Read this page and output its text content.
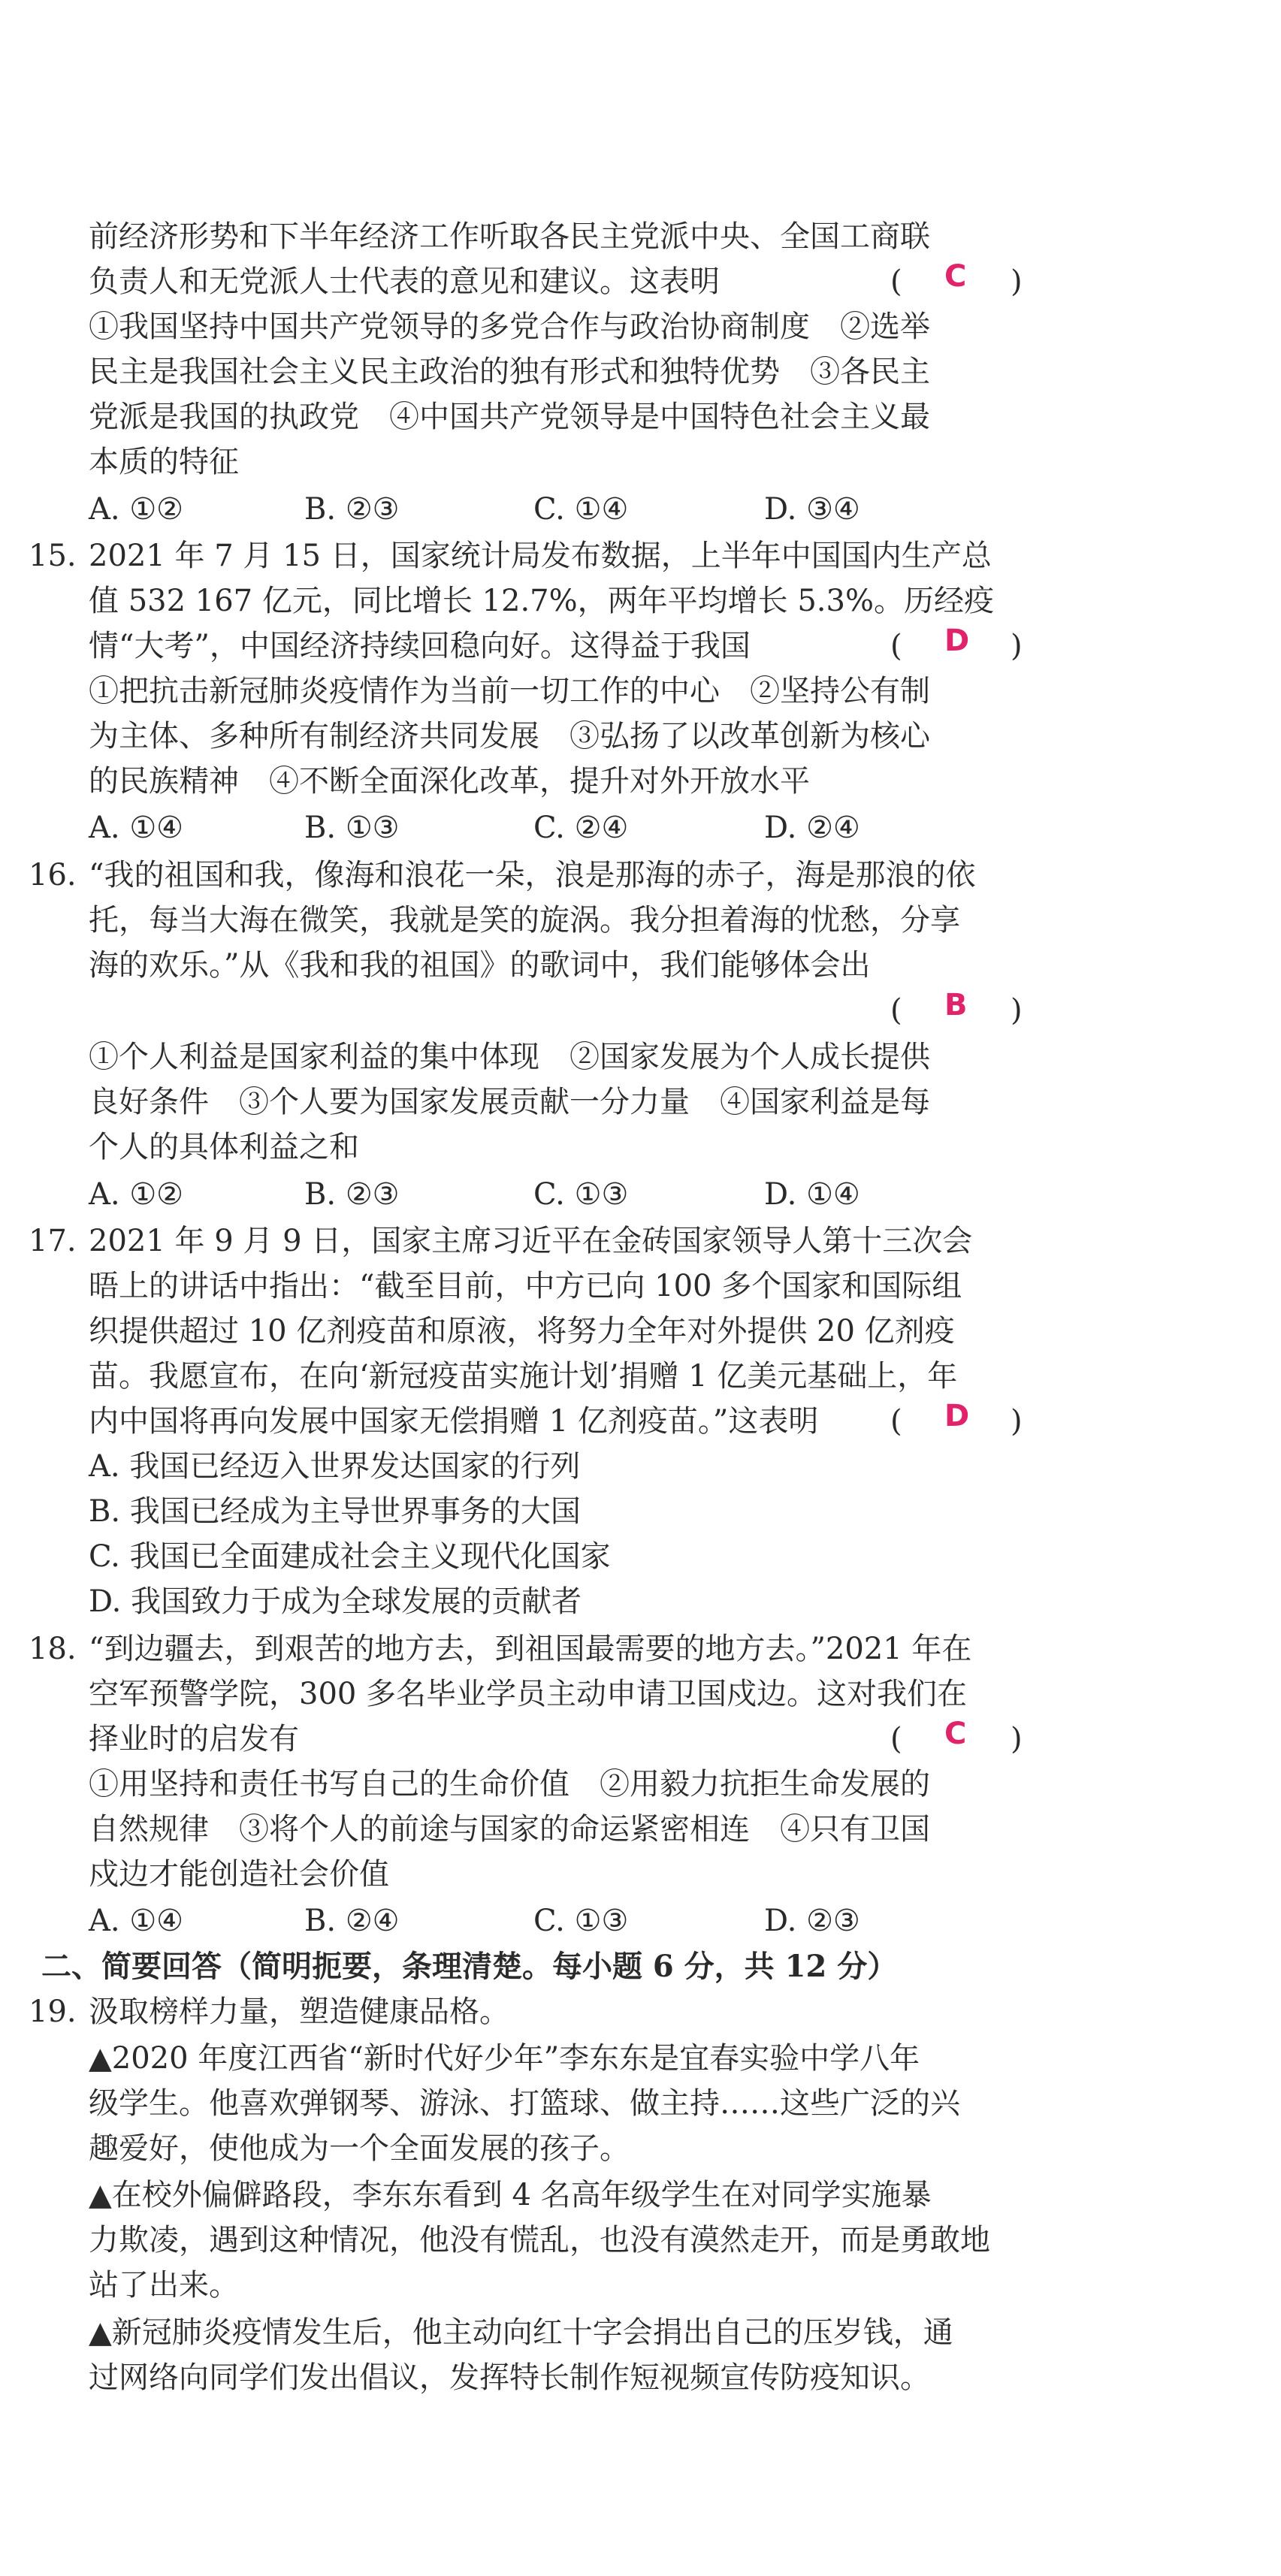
前经济形势和下半年经济工作听取各民主党派中央、全国工商联
负责人和无党派人士代表的意见和建议。这表明	( C )
①我国坚持中国共产党领导的多党合作与政治协商制度　②选举
民主是我国社会主义民主政治的独有形式和独特优势　③各民主
党派是我国的执政党　④中国共产党领导是中国特色社会主义最
本质的特征
A. ①②	B. ②③	C. ①④	D. ③④
15. 2021 年 7 月 15 日，国家统计局发布数据，上半年中国国内生产总
值 532 167 亿元，同比增长 12.7%，两年平均增长 5.3%。历经疫
情“大考”，中国经济持续回稳向好。这得益于我国	( D )
①把抗击新冠肺炎疫情作为当前一切工作的中心　②坚持公有制
为主体、多种所有制经济共同发展　③弘扬了以改革创新为核心
的民族精神　④不断全面深化改革，提升对外开放水平
A. ①④	B. ①③	C. ②④	D. ②④
16. “我的祖国和我，像海和浪花一朵，浪是那海的赤子，海是那浪的依
托，每当大海在微笑，我就是笑的旋涡。我分担着海的忧愁，分享
海的欢乐。”从《我和我的祖国》的歌词中，我们能够体会出
( B )
①个人利益是国家利益的集中体现　②国家发展为个人成长提供
良好条件　③个人要为国家发展贡献一分力量　④国家利益是每
个人的具体利益之和
A. ①②	B. ②③	C. ①③	D. ①④
17. 2021 年 9 月 9 日，国家主席习近平在金砖国家领导人第十三次会
晤上的讲话中指出：“截至目前，中方已向 100 多个国家和国际组
织提供超过 10 亿剂疫苗和原液，将努力全年对外提供 20 亿剂疫
苗。我愿宣布，在向‘新冠疫苗实施计划’捐赠 1 亿美元基础上，年
内中国将再向发展中国家无偿捐赠 1 亿剂疫苗。”这表明 ( D )
A. 我国已经迈入世界发达国家的行列
B. 我国已经成为主导世界事务的大国
C. 我国已全面建成社会主义现代化国家
D. 我国致力于成为全球发展的贡献者
18. “到边疆去，到艰苦的地方去，到祖国最需要的地方去。”2021 年在
空军预警学院，300 多名毕业学员主动申请卫国戍边。这对我们在
择业时的启发有	( C )
①用坚持和责任书写自己的生命价值　②用毅力抗拒生命发展的
自然规律　③将个人的前途与国家的命运紧密相连　④只有卫国
戍边才能创造社会价值
A. ①④	B. ②④	C. ①③	D. ②③
二、简要回答（简明扼要，条理清楚。每小题 6 分，共 12 分）
19. 汲取榜样力量，塑造健康品格。
▲2020 年度江西省“新时代好少年”李东东是宜春实验中学八年
级学生。他喜欢弹钢琴、游泳、打篮球、做主持……这些广泛的兴
趣爱好，使他成为一个全面发展的孩子。
▲在校外偏僻路段，李东东看到 4 名高年级学生在对同学实施暴
力欺凌，遇到这种情况，他没有慌乱，也没有漠然走开，而是勇敢地
站了出来。
▲新冠肺炎疫情发生后，他主动向红十字会捐出自己的压岁钱，通
过网络向同学们发出倡议，发挥特长制作短视频宣传防疫知识。
